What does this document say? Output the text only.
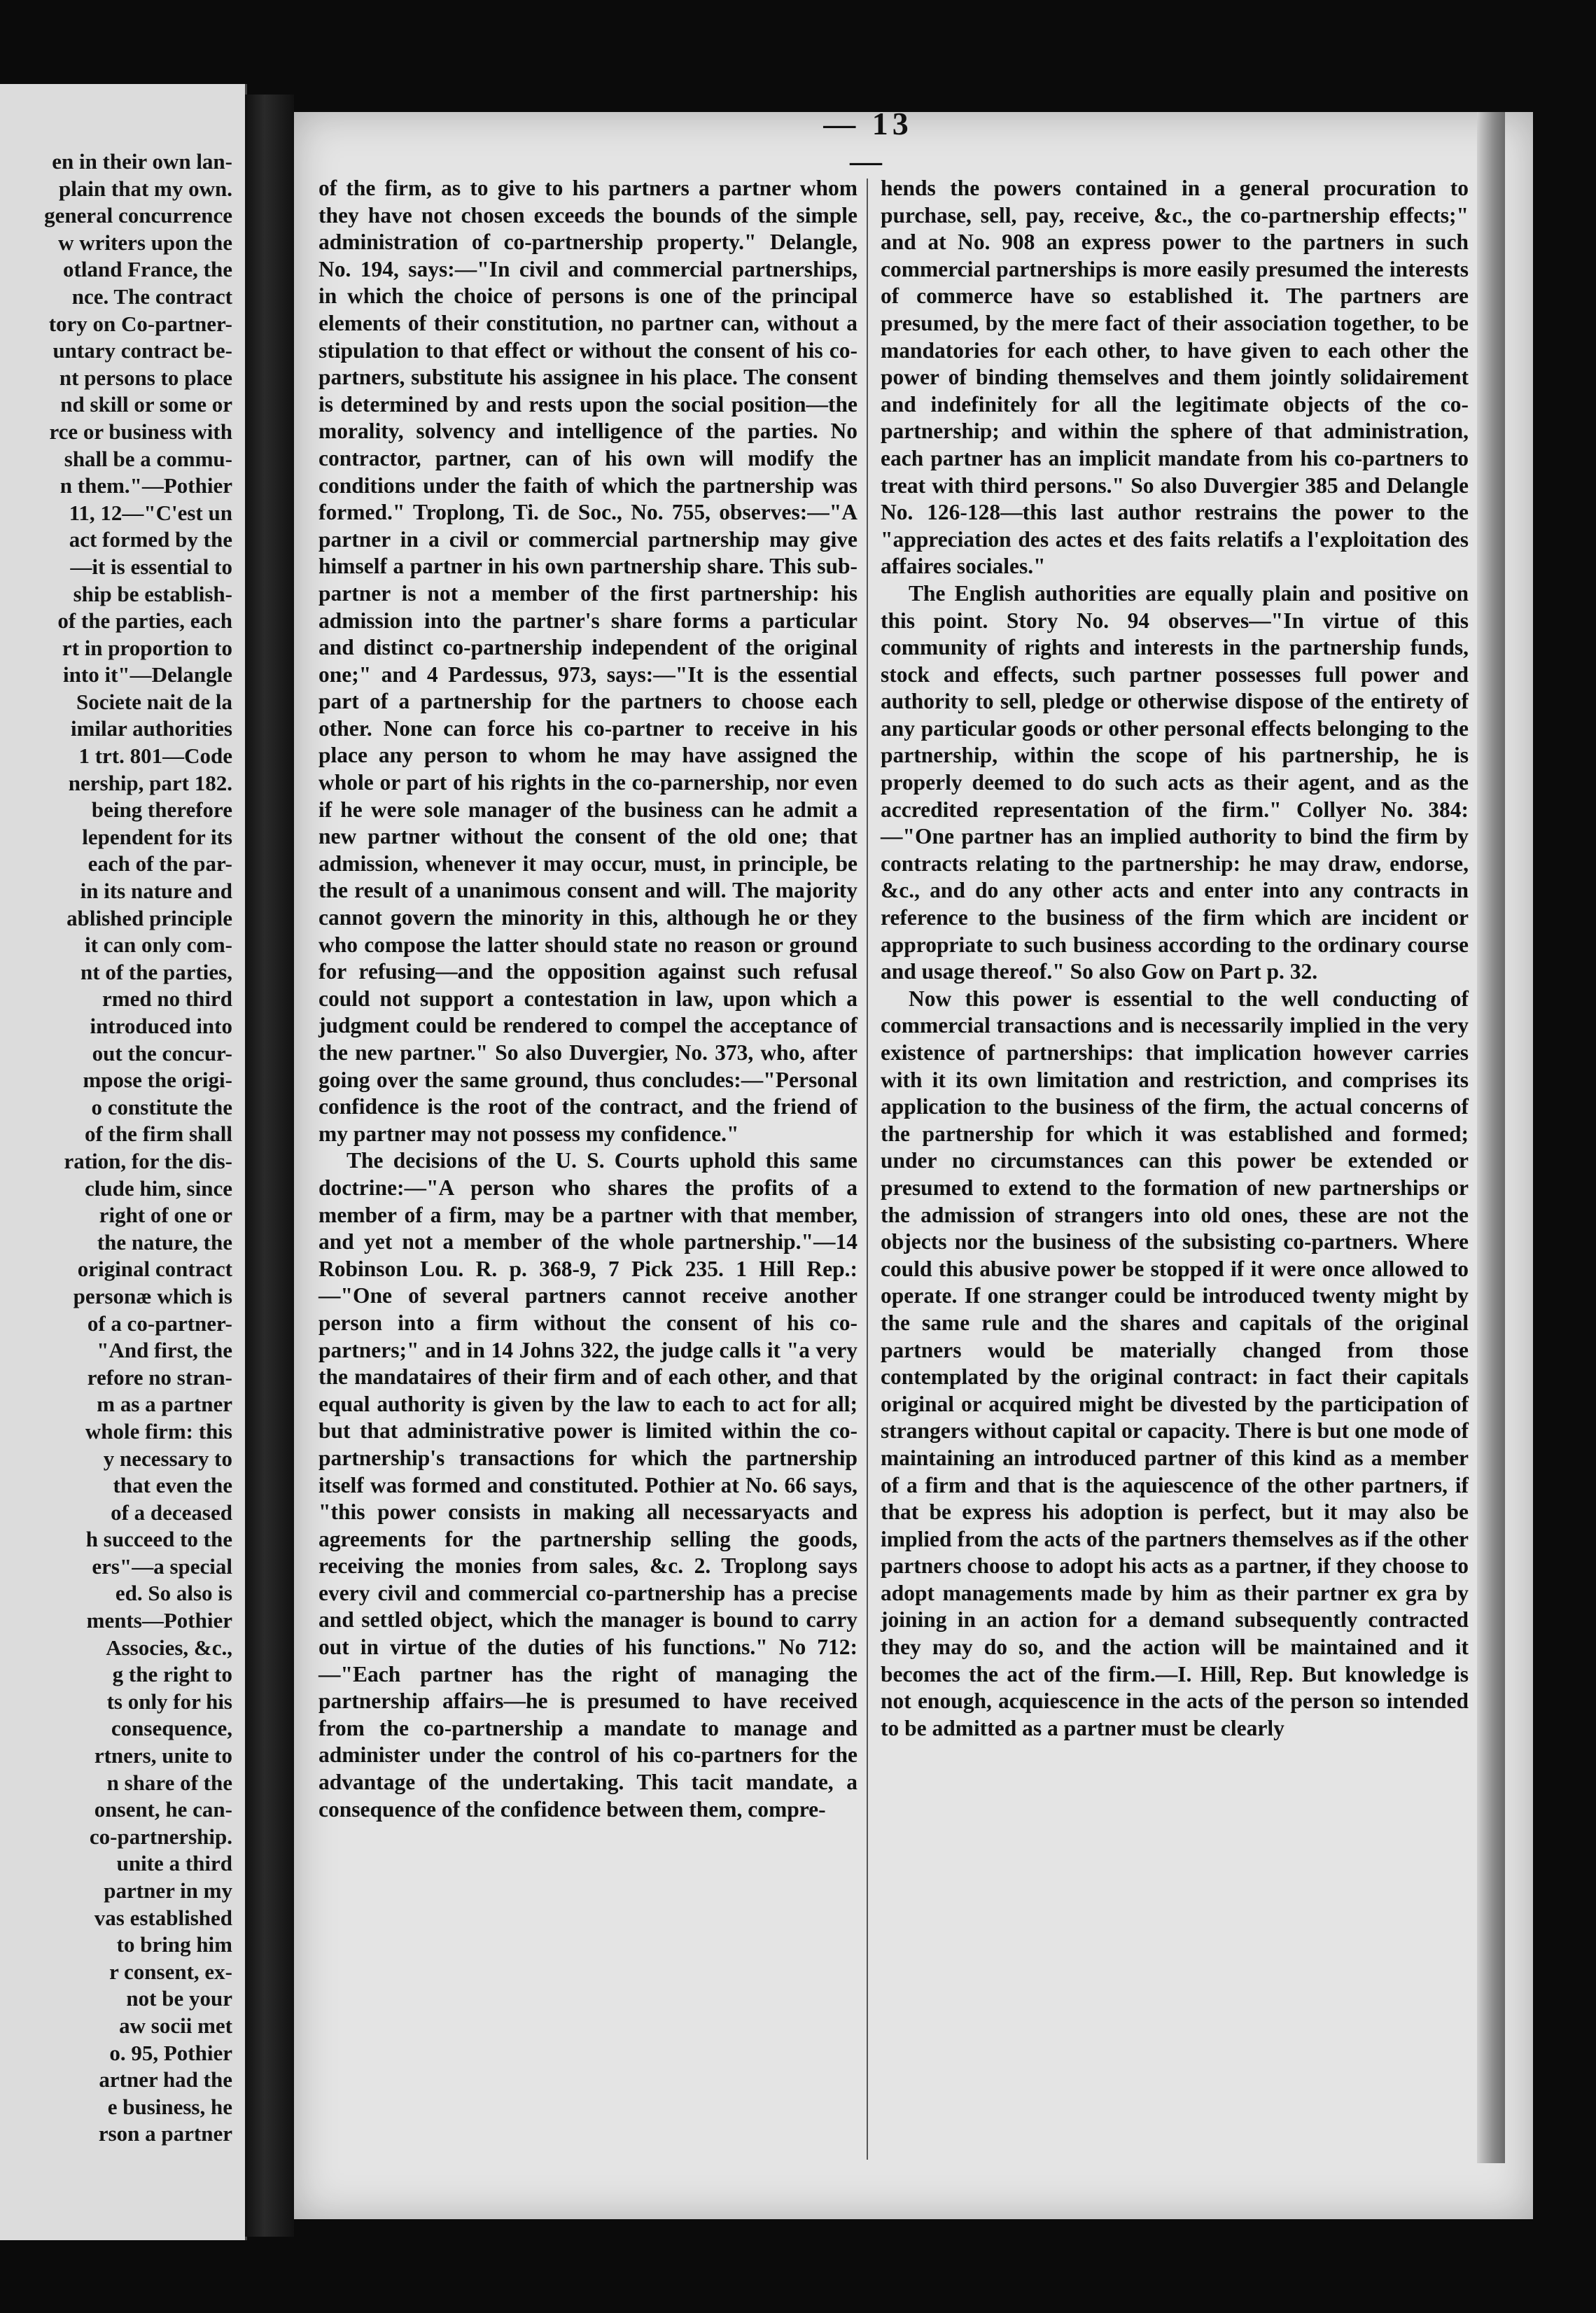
en in their own lan-
plain that my own.
general concurrence
w writers upon the
otland France, the
nce. The contract
tory on Co-partner-
untary contract be-
nt persons to place
nd skill or some or
rce or business with
shall be a commu-
n them."—Pothier
11, 12—"C'est un
act formed by the
—it is essential to
ship be establish-
of the parties, each
rt in proportion to
into it"—Delangle
Societe nait de la
imilar authorities
1 trt. 801—Code
nership, part 182.
being therefore
lependent for its
each of the par-
in its nature and
ablished principle
it can only com-
nt of the parties,
rmed no third
introduced into
out the concur-
mpose the origi-
o constitute the
of the firm shall
ration, for the dis-
clude him, since
right of one or
the nature, the
original contract
personæ which is
of a co-partner-
"And first, the
refore no stran-
m as a partner
whole firm: this
y necessary to
that even the
of a deceased
h succeed to the
ers"—a special
ed. So also is
ments—Pothier
Associes, &c.,
g the right to
ts only for his
consequence,
rtners, unite to
n share of the
onsent, he can-
co-partnership.
unite a third
partner in my
vas established
to bring him
r consent, ex-
not be your
aw socii met
o. 95, Pothier
artner had the
e business, he
rson a partner
— 13 —

of the firm, as to give to his partners a partner whom they have not chosen exceeds the bounds of the simple administration of co-partnership property." Delangle, No. 194, says:—"In civil and commercial partnerships, in which the choice of persons is one of the principal elements of their constitution, no partner can, without a stipulation to that effect or without the consent of his co-partners, substitute his assignee in his place. The consent is determined by and rests upon the social position—the morality, solvency and intelligence of the parties. No contractor, partner, can of his own will modify the conditions under the faith of which the partnership was formed." Troplong, Ti. de Soc., No. 755, observes:—"A partner in a civil or commercial partnership may give himself a partner in his own partnership share. This sub-partner is not a member of the first partnership: his admission into the partner's share forms a particular and distinct co-partnership independent of the original one;" and 4 Pardessus, 973, says:—"It is the essential part of a partnership for the partners to choose each other. None can force his co-partner to receive in his place any person to whom he may have assigned the whole or part of his rights in the co-parnership, nor even if he were sole manager of the business can he admit a new partner without the consent of the old one; that admission, whenever it may occur, must, in principle, be the result of a unanimous consent and will. The majority cannot govern the minority in this, although he or they who compose the latter should state no reason or ground for refusing—and the opposition against such refusal could not support a contestation in law, upon which a judgment could be rendered to compel the acceptance of the new partner." So also Duvergier, No. 373, who, after going over the same ground, thus concludes:—"Personal confidence is the root of the contract, and the friend of my partner may not possess my confidence."

The decisions of the U. S. Courts uphold this same doctrine:—"A person who shares the profits of a member of a firm, may be a partner with that member, and yet not a member of the whole partnership."—14 Robinson Lou. R. p. 368-9, 7 Pick 235. 1 Hill Rep.:—"One of several partners cannot receive another person into a firm without the consent of his co-partners;" and in 14 Johns 322, the judge calls it "a very the mandataires of their firm and of each other, and that equal authority is given by the law to each to act for all; but that administrative power is limited within the co-partnership's transactions for which the partnership itself was formed and constituted. Pothier at No. 66 says, "this power consists in making all necessaryacts and agreements for the partnership selling the goods, receiving the monies from sales, &c. 2. Troplong says every civil and commercial co-partnership has a precise and settled object, which the manager is bound to carry out in virtue of the duties of his functions." No 712:—"Each partner has the right of managing the partnership affairs—he is presumed to have received from the co-partnership a mandate to manage and administer under the control of his co-partners for the advantage of the undertaking. This tacit mandate, a consequence of the confidence between them, compre-

hends the powers contained in a general procuration to purchase, sell, pay, receive, &c., the co-partnership effects;" and at No. 908 an express power to the partners in such commercial partnerships is more easily presumed the interests of commerce have so established it. The partners are presumed, by the mere fact of their association together, to be mandatories for each other, to have given to each other the power of binding themselves and them jointly solidairement and indefinitely for all the legitimate objects of the co-partnership; and within the sphere of that administration, each partner has an implicit mandate from his co-partners to treat with third persons." So also Duvergier 385 and Delangle No. 126-128—this last author restrains the power to the "appreciation des actes et des faits relatifs a l'exploitation des affaires sociales."

The English authorities are equally plain and positive on this point. Story No. 94 observes—"In virtue of this community of rights and interests in the partnership funds, stock and effects, such partner possesses full power and authority to sell, pledge or otherwise dispose of the entirety of any particular goods or other personal effects belonging to the partnership, within the scope of his partnership, he is properly deemed to do such acts as their agent, and as the accredited representation of the firm." Collyer No. 384:—"One partner has an implied authority to bind the firm by contracts relating to the partnership: he may draw, endorse, &c., and do any other acts and enter into any contracts in reference to the business of the firm which are incident or appropriate to such business according to the ordinary course and usage thereof." So also Gow on Part p. 32.

Now this power is essential to the well conducting of commercial transactions and is necessarily implied in the very existence of partnerships: that implication however carries with it its own limitation and restriction, and comprises its application to the business of the firm, the actual concerns of the partnership for which it was established and formed; under no circumstances can this power be extended or presumed to extend to the formation of new partnerships or the admission of strangers into old ones, these are not the objects nor the business of the subsisting co-partners. Where could this abusive power be stopped if it were once allowed to operate. If one stranger could be introduced twenty might by the same rule and the shares and capitals of the original partners would be materially changed from those contemplated by the original contract: in fact their capitals original or acquired might be divested by the participation of strangers without capital or capacity. There is but one mode of maintaining an introduced partner of this kind as a member of a firm and that is the aquiescence of the other partners, if that be express his adoption is perfect, but it may also be implied from the acts of the partners themselves as if the other partners choose to adopt his acts as a partner, if they choose to adopt managements made by him as their partner ex gra by joining in an action for a demand subsequently contracted they may do so, and the action will be maintained and it becomes the act of the firm.—I. Hill, Rep. But knowledge is not enough, acquiescence in the acts of the person so intended to be admitted as a partner must be clearly
